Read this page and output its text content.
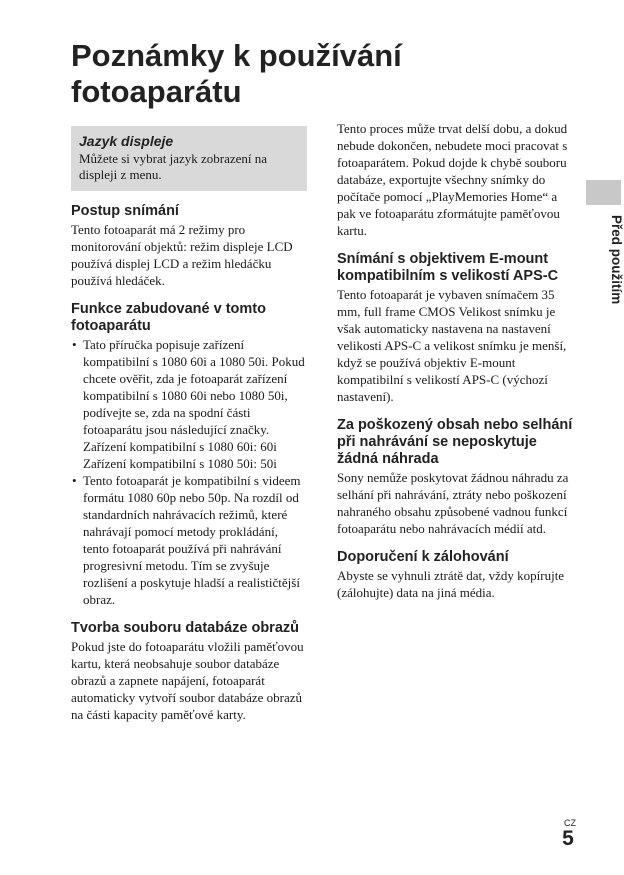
Poznámky k používání
fotoaparátu
Jazyk displeje

Můžete si vybrat jazyk zobrazení na displeji z menu.

Postup snímání

Tento fotoaparát má 2 režimy pro monitorování objektů: režim displeje LCD používá displej LCD a režim hledáčku používá hledáček.

Funkce zabudované v tomto fotoaparátu
• Tato příručka popisuje zařízení kompatibilní s 1080 60i a 1080 50i. Pokud chcete ověřit, zda je fotoaparát zařízení kompatibilní s 1080 60i nebo 1080 50i, podívejte se, zda na spodní části fotoaparátu jsou následující značky.
Zařízení kompatibilní s 1080 60i: 60i
Zařízení kompatibilní s 1080 50i: 50i
• Tento fotoaparát je kompatibilní s videem formátu 1080 60p nebo 50p. Na rozdíl od standardních nahrávacích režimů, které nahrávají pomocí metody prokládání, tento fotoaparát používá při nahrávání progresivní metodu. Tím se zvyšuje rozlišení a poskytuje hladší a realističtější obraz.
Tvorba souboru databáze obrazů

Pokud jste do fotoaparátu vložili paměťovou kartu, která neobsahuje soubor databáze obrazů a zapnete napájení, fotoaparát automaticky vytvoří soubor databáze obrazů na části kapacity paměťové karty.

Tento proces může trvat delší dobu, a dokud nebude dokončen, nebudete moci pracovat s fotoaparátem. Pokud dojde k chybě souboru databáze, exportujte všechny snímky do počítače pomocí „PlayMemories Home“ a pak ve fotoaparátu zformátujte paměťovou kartu.

Snímání s objektivem E-mount kompatibilním s velikostí APS-C

Tento fotoaparát je vybaven snímačem 35 mm, full frame CMOS Velikost snímku je však automaticky nastavena na nastavení velikosti APS-C a velikost snímku je menší, když se používá objektiv E-mount kompatibilní s velikostí APS-C (výchozí nastavení).

Za poškozený obsah nebo selhání při nahrávání se neposkytuje žádná náhrada

Sony nemůže poskytovat žádnou náhradu za selhání při nahrávání, ztráty nebo poškození nahraného obsahu způsobené vadnou funkcí fotoaparátu nebo nahrávacích médií atd.

Doporučení k zálohování

Abyste se vyhnuli ztrátě dat, vždy kopírujte (zálohujte) data na jiná média.

Před použitím
CZ
5
